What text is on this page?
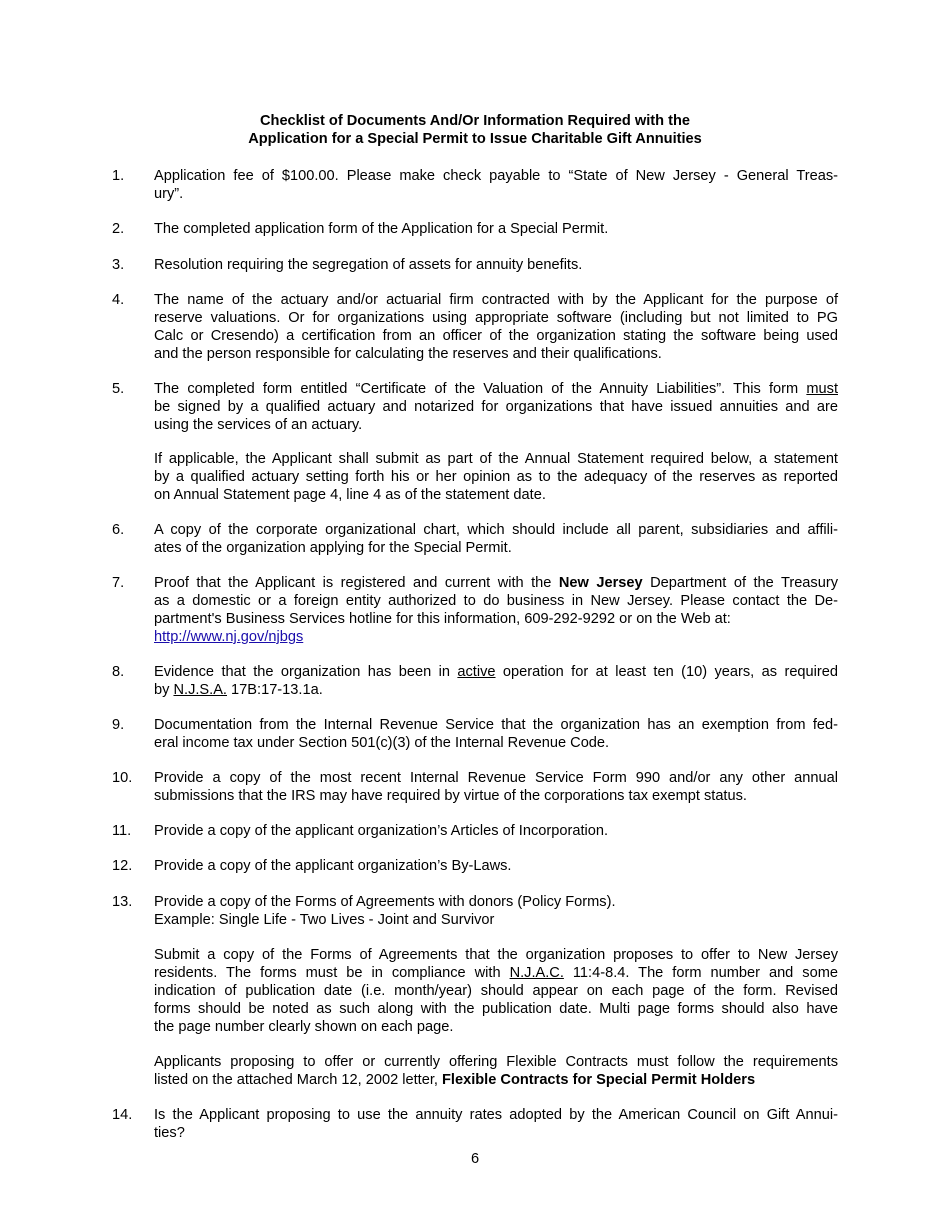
Checklist of Documents And/Or Information Required with the
Application for a Special Permit to Issue Charitable Gift Annuities
1.	Application fee of $100.00. Please make check payable to “State of New Jersey - General Treas-
ury”.
2.	The completed application form of the Application for a Special Permit.
3.	Resolution requiring the segregation of assets for annuity benefits.
4.	The name of the actuary and/or actuarial firm contracted with by the Applicant for the purpose of
reserve valuations. Or for organizations using appropriate software (including but not limited to PG
Calc or Cresendo) a certification from an officer of the organization stating the software being used
and the person responsible for calculating the reserves and their qualifications.
5.	The completed form entitled “Certificate of the Valuation of the Annuity Liabilities”. This form must
be signed by a qualified actuary and notarized for organizations that have issued annuities and are
using the services of an actuary.
If applicable, the Applicant shall submit as part of the Annual Statement required below, a statement
by a qualified actuary setting forth his or her opinion as to the adequacy of the reserves as reported
on Annual Statement page 4, line 4 as of the statement date.
6.	A copy of the corporate organizational chart, which should include all parent, subsidiaries and affili-
ates of the organization applying for the Special Permit.
7.	Proof that the Applicant is registered and current with the New Jersey Department of the Treasury
as a domestic or a foreign entity authorized to do business in New Jersey. Please contact the De-
partment's Business Services hotline for this information, 609-292-9292 or on the Web at:
http://www.nj.gov/njbgs
8.	Evidence that the organization has been in active operation for at least ten (10) years, as required
by N.J.S.A. 17B:17-13.1a.
9.	Documentation from the Internal Revenue Service that the organization has an exemption from fed-
eral income tax under Section 501(c)(3) of the Internal Revenue Code.
10.	Provide a copy of the most recent Internal Revenue Service Form 990 and/or any other annual
submissions that the IRS may have required by virtue of the corporations tax exempt status.
11.	Provide a copy of the applicant organization’s Articles of Incorporation.
12.	Provide a copy of the applicant organization’s By-Laws.
13.	Provide a copy of the Forms of Agreements with donors (Policy Forms).
Example: Single Life - Two Lives - Joint and Survivor
Submit a copy of the Forms of Agreements that the organization proposes to offer to New Jersey
residents. The forms must be in compliance with N.J.A.C. 11:4-8.4. The form number and some
indication of publication date (i.e. month/year) should appear on each page of the form. Revised
forms should be noted as such along with the publication date. Multi page forms should also have
the page number clearly shown on each page.
Applicants proposing to offer or currently offering Flexible Contracts must follow the requirements
listed on the attached March 12, 2002 letter, Flexible Contracts for Special Permit Holders
14.	Is the Applicant proposing to use the annuity rates adopted by the American Council on Gift Annui-
ties?
6
